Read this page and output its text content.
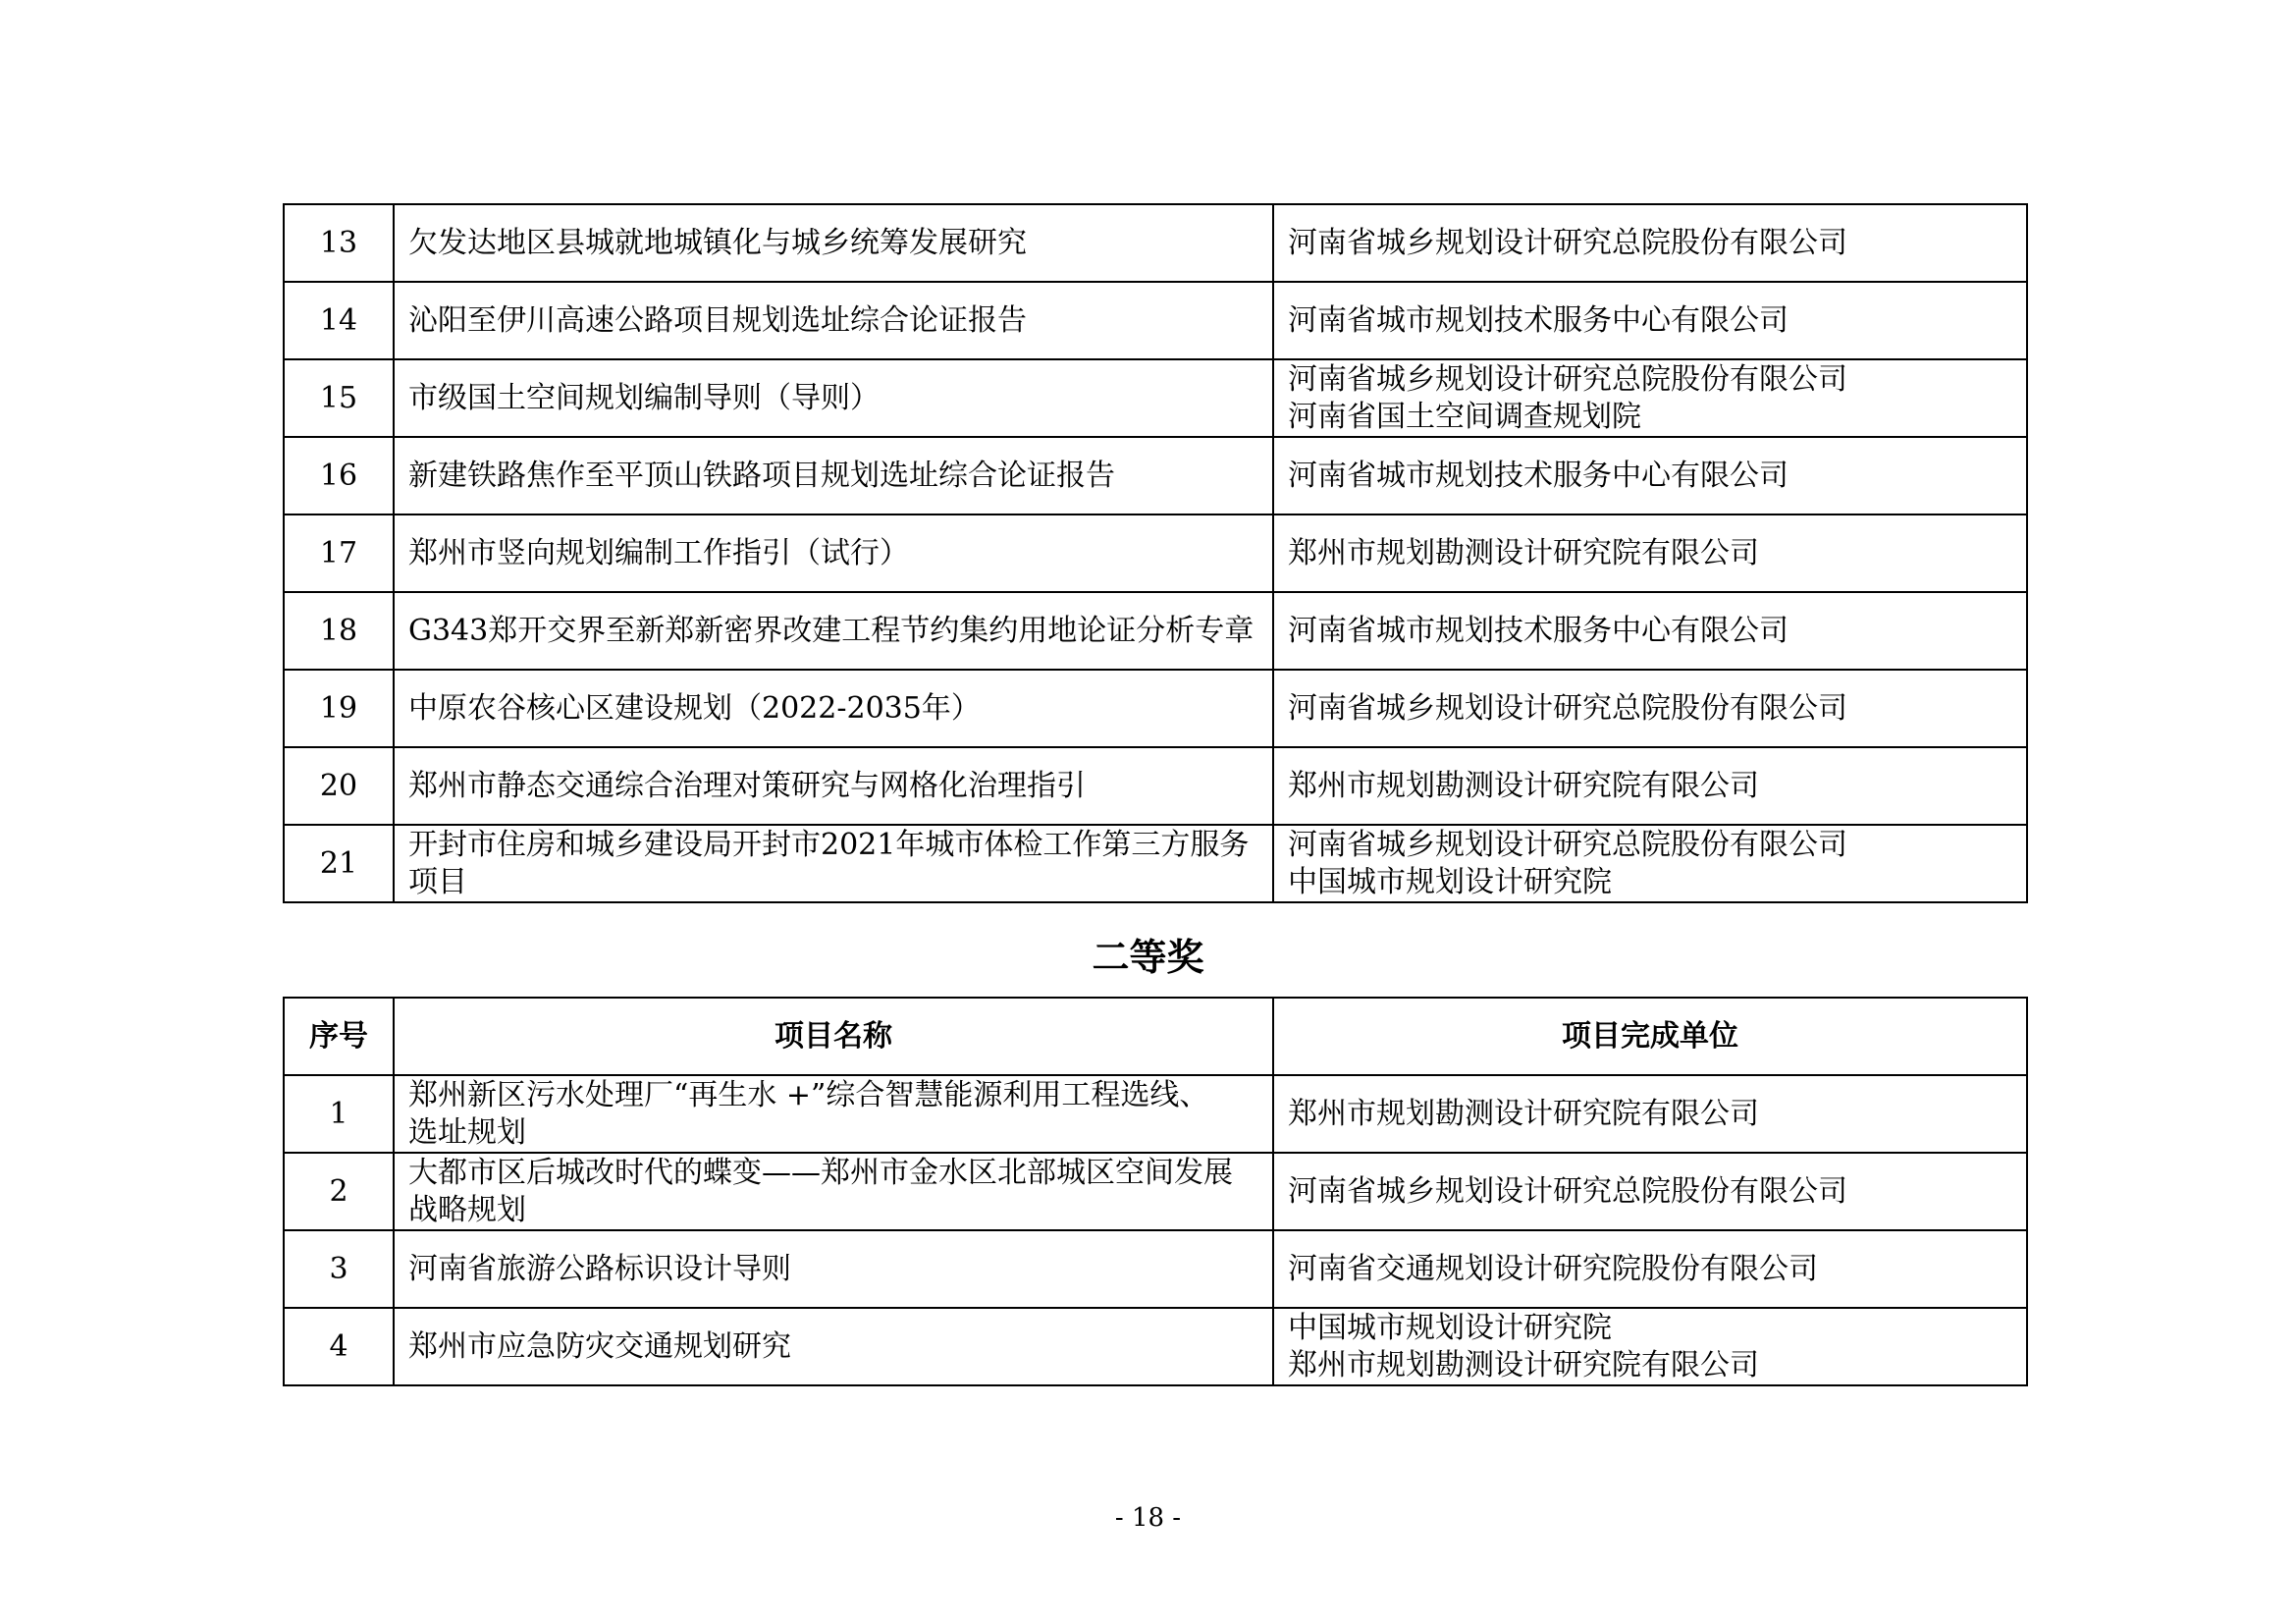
13	欠发达地区县城就地城镇化与城乡统筹发展研究	河南省城乡规划设计研究总院股份有限公司

14	沁阳至伊川高速公路项目规划选址综合论证报告	河南省城市规划技术服务中心有限公司

15	市级国土空间规划编制导则（导则）	河南省城乡规划设计研究总院股份有限公司
河南省国土空间调查规划院

16	新建铁路焦作至平顶山铁路项目规划选址综合论证报告	河南省城市规划技术服务中心有限公司

17	郑州市竖向规划编制工作指引（试行）	郑州市规划勘测设计研究院有限公司

18	G343郑开交界至新郑新密界改建工程节约集约用地论证分析专章	河南省城市规划技术服务中心有限公司

19	中原农谷核心区建设规划（2022-2035年）	河南省城乡规划设计研究总院股份有限公司

20	郑州市静态交通综合治理对策研究与网格化治理指引	郑州市规划勘测设计研究院有限公司

21	开封市住房和城乡建设局开封市2021年城市体检工作第三方服务
项目	河南省城乡规划设计研究总院股份有限公司
中国城市规划设计研究院
二等奖
序号	项目名称	项目完成单位
1	郑州新区污水处理厂“再生水 +”综合智慧能源利用工程选线、
选址规划	郑州市规划勘测设计研究院有限公司

2	大都市区后城改时代的蝶变——郑州市金水区北部城区空间发展
战略规划	河南省城乡规划设计研究总院股份有限公司

3	河南省旅游公路标识设计导则	河南省交通规划设计研究院股份有限公司

4	郑州市应急防灾交通规划研究	中国城市规划设计研究院
郑州市规划勘测设计研究院有限公司
- 18 -
